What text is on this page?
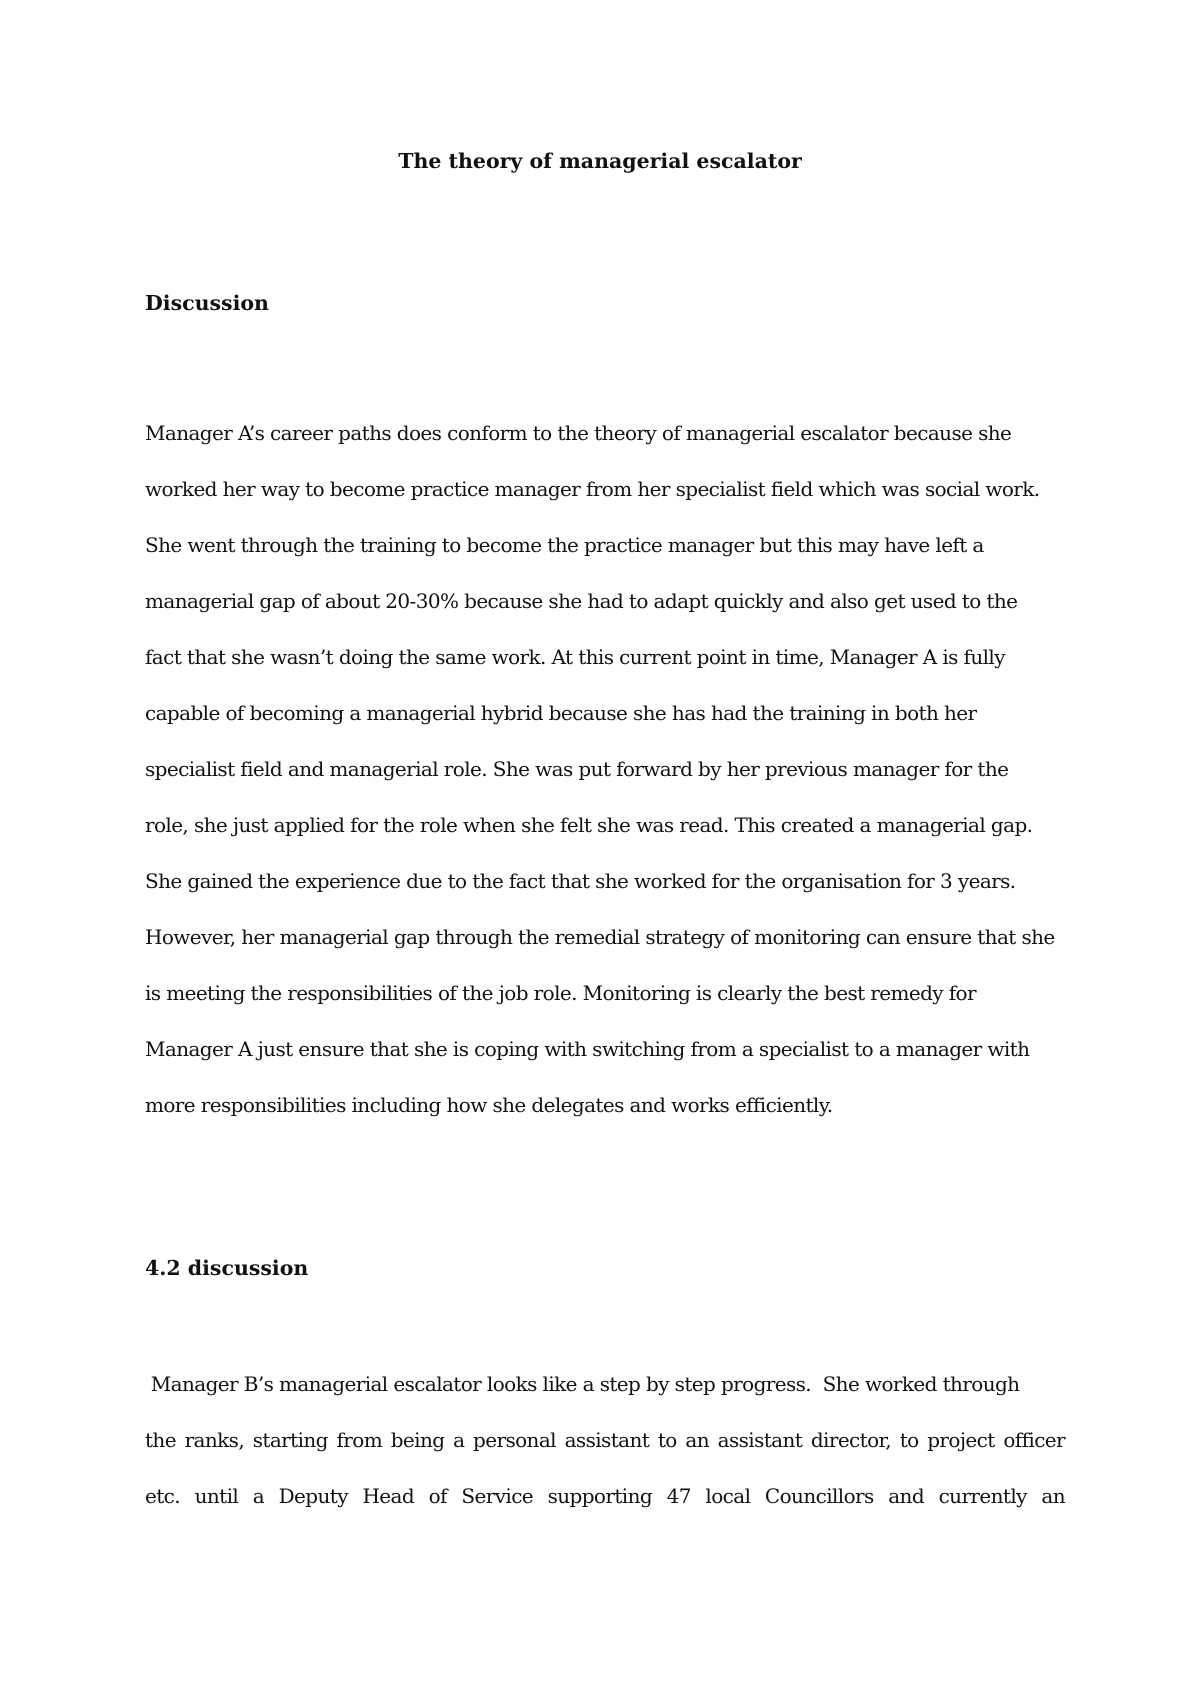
The theory of managerial escalator
Discussion
Manager A’s career paths does conform to the theory of managerial escalator because she
worked her way to become practice manager from her specialist field which was social work.
She went through the training to become the practice manager but this may have left a
managerial gap of about 20-30% because she had to adapt quickly and also get used to the
fact that she wasn’t doing the same work. At this current point in time, Manager A is fully
capable of becoming a managerial hybrid because she has had the training in both her
specialist field and managerial role. She was put forward by her previous manager for the
role, she just applied for the role when she felt she was read. This created a managerial gap.
She gained the experience due to the fact that she worked for the organisation for 3 years.
However, her managerial gap through the remedial strategy of monitoring can ensure that she
is meeting the responsibilities of the job role. Monitoring is clearly the best remedy for
Manager A just ensure that she is coping with switching from a specialist to a manager with
more responsibilities including how she delegates and works efficiently.
4.2 discussion
Manager B’s managerial escalator looks like a step by step progress.  She worked through
the ranks, starting from being a personal assistant to an assistant director, to project officer
etc. until a Deputy Head of Service supporting 47 local Councillors and currently an
